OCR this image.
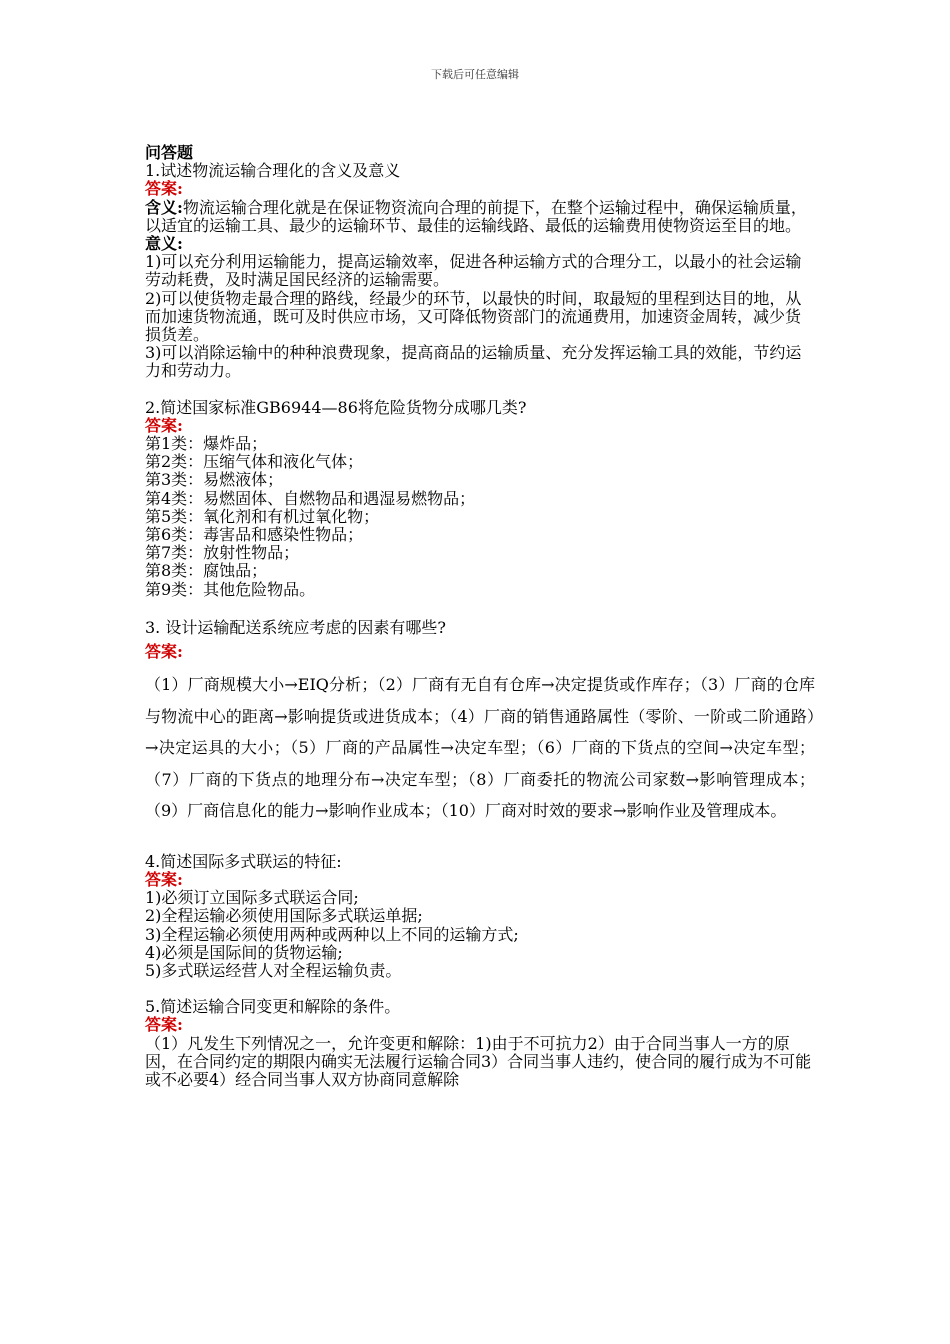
下载后可任意编辑
问答题

1.试述物流运输合理化的含义及意义

答案:

含义:物流运输合理化就是在保证物资流向合理的前提下，在整个运输过程中，确保运输质量，以适宜的运输工具、最少的运输环节、最佳的运输线路、最低的运输费用使物资运至目的地。

意义:

1)可以充分利用运输能力，提高运输效率，促进各种运输方式的合理分工，以最小的社会运输劳动耗费，及时满足国民经济的运输需要。

2)可以使货物走最合理的路线，经最少的环节，以最快的时间，取最短的里程到达目的地，从而加速货物流通，既可及时供应市场，又可降低物资部门的流通费用，加速资金周转，减少货损货差。

3)可以消除运输中的种种浪费现象，提高商品的运输质量、充分发挥运输工具的效能，节约运力和劳动力。

2.简述国家标准GB6944—86将危险货物分成哪几类?

答案:

第1类：爆炸品；

第2类：压缩气体和液化气体；

第3类：易燃液体；

第4类：易燃固体、自燃物品和遇湿易燃物品；

第5类：氧化剂和有机过氧化物；

第6类：毒害品和感染性物品；

第7类：放射性物品；

第8类：腐蚀品；

第9类：其他危险物品。

3. 设计运输配送系统应考虑的因素有哪些?

答案:

（1）厂商规模大小→EIQ分析；（2）厂商有无自有仓库→决定提货或作库存；（3）厂商的仓库与物流中心的距离→影响提货或进货成本；（4）厂商的销售通路属性（零阶、一阶或二阶通路）→决定运具的大小；（5）厂商的产品属性→决定车型；（6）厂商的下货点的空间→决定车型；（7）厂商的下货点的地理分布→决定车型；（8）厂商委托的物流公司家数→影响管理成本；（9）厂商信息化的能力→影响作业成本；（10）厂商对时效的要求→影响作业及管理成本。

4.简述国际多式联运的特征:

答案:

1)必须订立国际多式联运合同;

2)全程运输必须使用国际多式联运单据;

3)全程运输必须使用两种或两种以上不同的运输方式;

4)必须是国际间的货物运输;

5)多式联运经营人对全程运输负责。

5.简述运输合同变更和解除的条件。

答案:

（1）凡发生下列情况之一，允许变更和解除：1)由于不可抗力2）由于合同当事人一方的原因，在合同约定的期限内确实无法履行运输合同3）合同当事人违约，使合同的履行成为不可能或不必要4）经合同当事人双方协商同意解除
